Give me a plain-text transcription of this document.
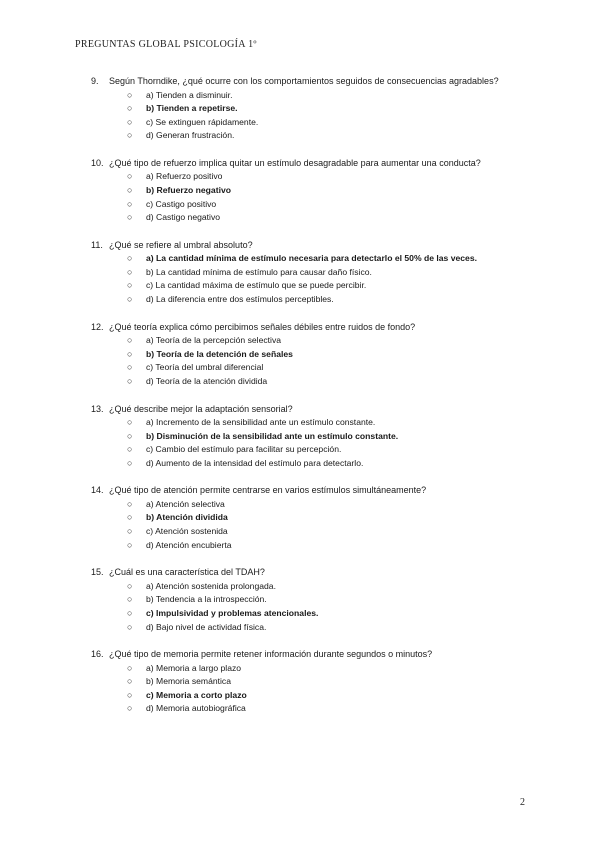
PREGUNTAS GLOBAL PSICOLOGÍA 1º
9. Según Thorndike, ¿qué ocurre con los comportamientos seguidos de consecuencias agradables?
○ a) Tienden a disminuir.
○ b) Tienden a repetirse.
○ c) Se extinguen rápidamente.
○ d) Generan frustración.
10. ¿Qué tipo de refuerzo implica quitar un estímulo desagradable para aumentar una conducta?
○ a) Refuerzo positivo
○ b) Refuerzo negativo
○ c) Castigo positivo
○ d) Castigo negativo
11. ¿Qué se refiere al umbral absoluto?
○ a) La cantidad mínima de estímulo necesaria para detectarlo el 50% de las veces.
○ b) La cantidad mínima de estímulo para causar daño físico.
○ c) La cantidad máxima de estímulo que se puede percibir.
○ d) La diferencia entre dos estímulos perceptibles.
12. ¿Qué teoría explica cómo percibimos señales débiles entre ruidos de fondo?
○ a) Teoría de la percepción selectiva
○ b) Teoría de la detención de señales
○ c) Teoría del umbral diferencial
○ d) Teoría de la atención dividida
13. ¿Qué describe mejor la adaptación sensorial?
○ a) Incremento de la sensibilidad ante un estímulo constante.
○ b) Disminución de la sensibilidad ante un estímulo constante.
○ c) Cambio del estímulo para facilitar su percepción.
○ d) Aumento de la intensidad del estímulo para detectarlo.
14. ¿Qué tipo de atención permite centrarse en varios estímulos simultáneamente?
○ a) Atención selectiva
○ b) Atención dividida
○ c) Atención sostenida
○ d) Atención encubierta
15. ¿Cuál es una característica del TDAH?
○ a) Atención sostenida prolongada.
○ b) Tendencia a la introspección.
○ c) Impulsividad y problemas atencionales.
○ d) Bajo nivel de actividad física.
16. ¿Qué tipo de memoria permite retener información durante segundos o minutos?
○ a) Memoria a largo plazo
○ b) Memoria semántica
○ c) Memoria a corto plazo
○ d) Memoria autobiográfica
2
